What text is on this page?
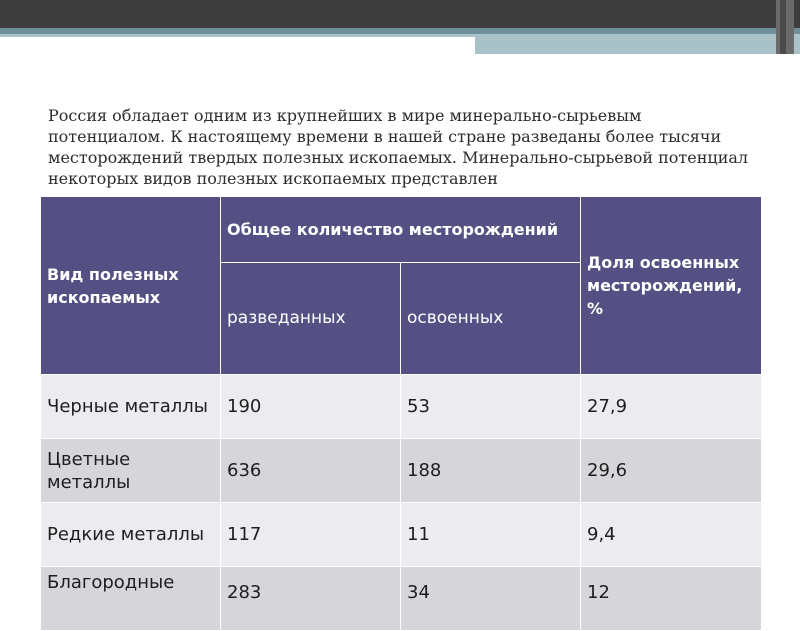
Россия обладает одним из крупнейших в мире минерально-сырьевым потенциалом. К настоящему времени в нашей стране разведаны более тысячи месторождений твердых полезных ископаемых. Минерально-сырьевой потенциал некоторых видов полезных ископаемых представлен
Вид полезных ископаемых	Общее количество месторождений		Доля освоенных месторождений, %
	разведанных	освоенных	
Черные металлы	190	53	27,9
Цветные металлы	636	188	29,6
Редкие металлы	117	11	9,4
Благородные	283	34	12
